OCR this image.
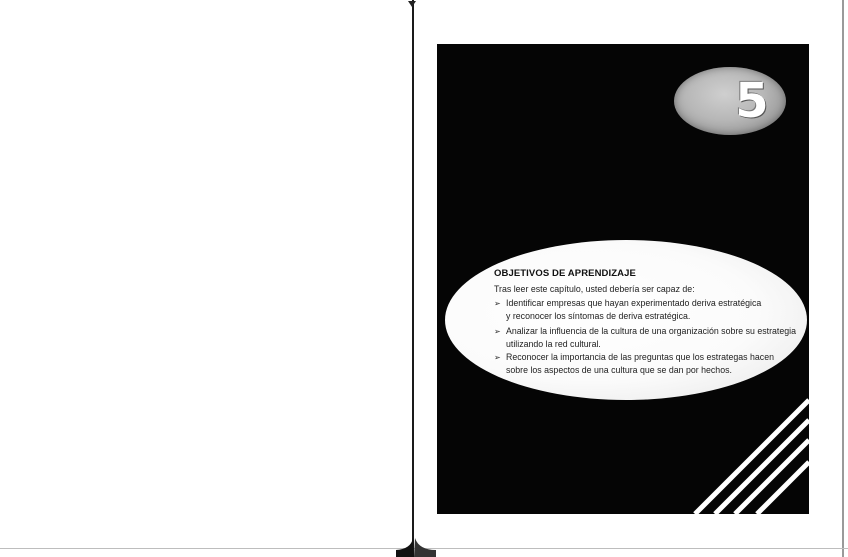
5
OBJETIVOS DE APRENDIZAJE
Tras leer este capítulo, usted debería ser capaz de:
➢ Identificar empresas que hayan experimentado deriva estratégica
y reconocer los síntomas de deriva estratégica.
➢ Analizar la influencia de la cultura de una organización sobre su estrategia
utilizando la red cultural.
➢ Reconocer la importancia de las preguntas que los estrategas hacen
sobre los aspectos de una cultura que se dan por hechos.
